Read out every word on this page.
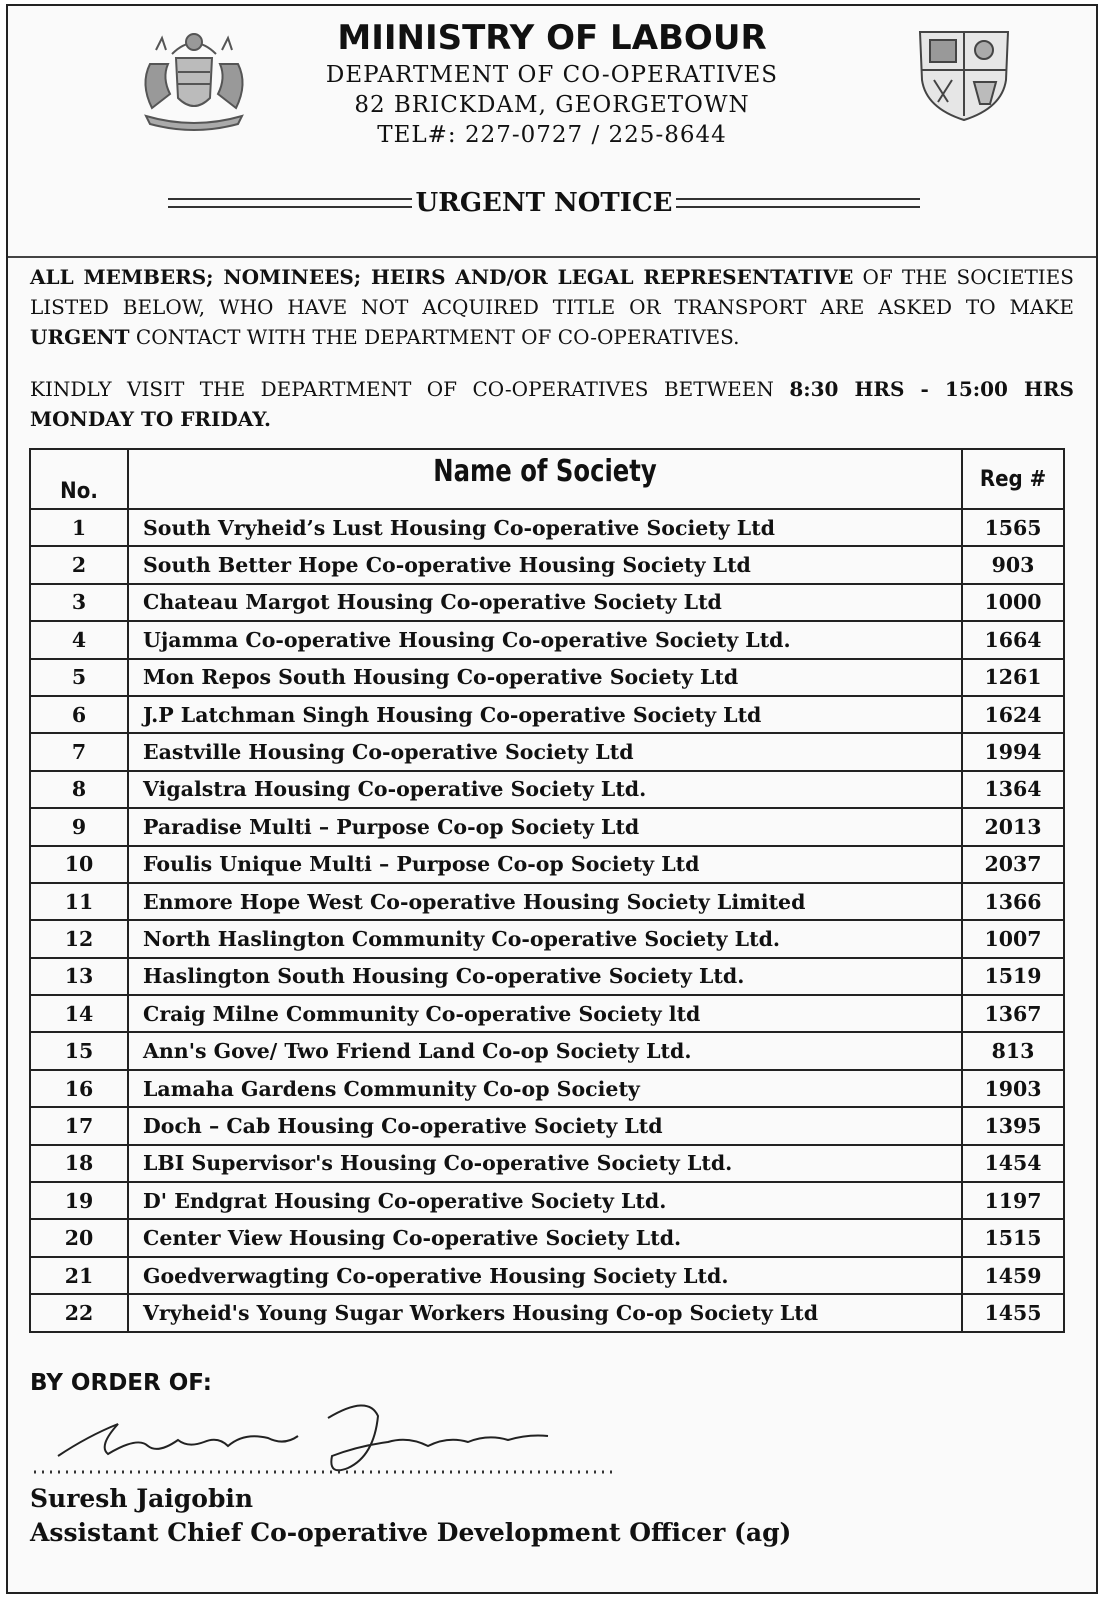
MIINISTRY OF LABOUR
DEPARTMENT OF CO-OPERATIVES
82 BRICKDAM, GEORGETOWN
TEL#: 227-0727 / 225-8644
URGENT NOTICE
ALL MEMBERS; NOMINEES; HEIRS AND/OR LEGAL REPRESENTATIVE OF THE SOCIETIES LISTED BELOW, WHO HAVE NOT ACQUIRED TITLE OR TRANSPORT ARE ASKED TO MAKE URGENT CONTACT WITH THE DEPARTMENT OF CO-OPERATIVES.
KINDLY VISIT THE DEPARTMENT OF CO-OPERATIVES BETWEEN 8:30 HRS - 15:00 HRS MONDAY TO FRIDAY.
No.	Name of Society	Reg #
1	South Vryheid’s Lust Housing Co-operative Society Ltd	1565
2	South Better Hope Co-operative Housing Society Ltd	903
3	Chateau Margot Housing Co-operative Society Ltd	1000
4	Ujamma Co-operative Housing Co-operative Society Ltd.	1664
5	Mon Repos South Housing Co-operative Society Ltd	1261
6	J.P Latchman Singh Housing Co-operative Society Ltd	1624
7	Eastville Housing Co-operative Society Ltd	1994
8	Vigalstra Housing Co-operative Society Ltd.	1364
9	Paradise Multi – Purpose Co-op Society Ltd	2013
10	Foulis Unique Multi – Purpose Co-op Society Ltd	2037
11	Enmore Hope West Co-operative Housing Society Limited	1366
12	North Haslington Community Co-operative Society Ltd.	1007
13	Haslington South Housing Co-operative Society Ltd.	1519
14	Craig Milne Community Co-operative Society ltd	1367
15	Ann's Gove/ Two Friend Land Co-op Society Ltd.	813
16	Lamaha Gardens Community Co-op Society	1903
17	Doch – Cab Housing Co-operative Society Ltd	1395
18	LBI Supervisor's Housing Co-operative Society Ltd.	1454
19	D' Endgrat Housing Co-operative Society Ltd.	1197
20	Center View Housing Co-operative Society Ltd.	1515
21	Goedverwagting Co-operative Housing Society Ltd.	1459
22	Vryheid's Young Sugar Workers Housing Co-op Society Ltd	1455
BY ORDER OF:
Suresh Jaigobin
Assistant Chief Co-operative Development Officer (ag)
